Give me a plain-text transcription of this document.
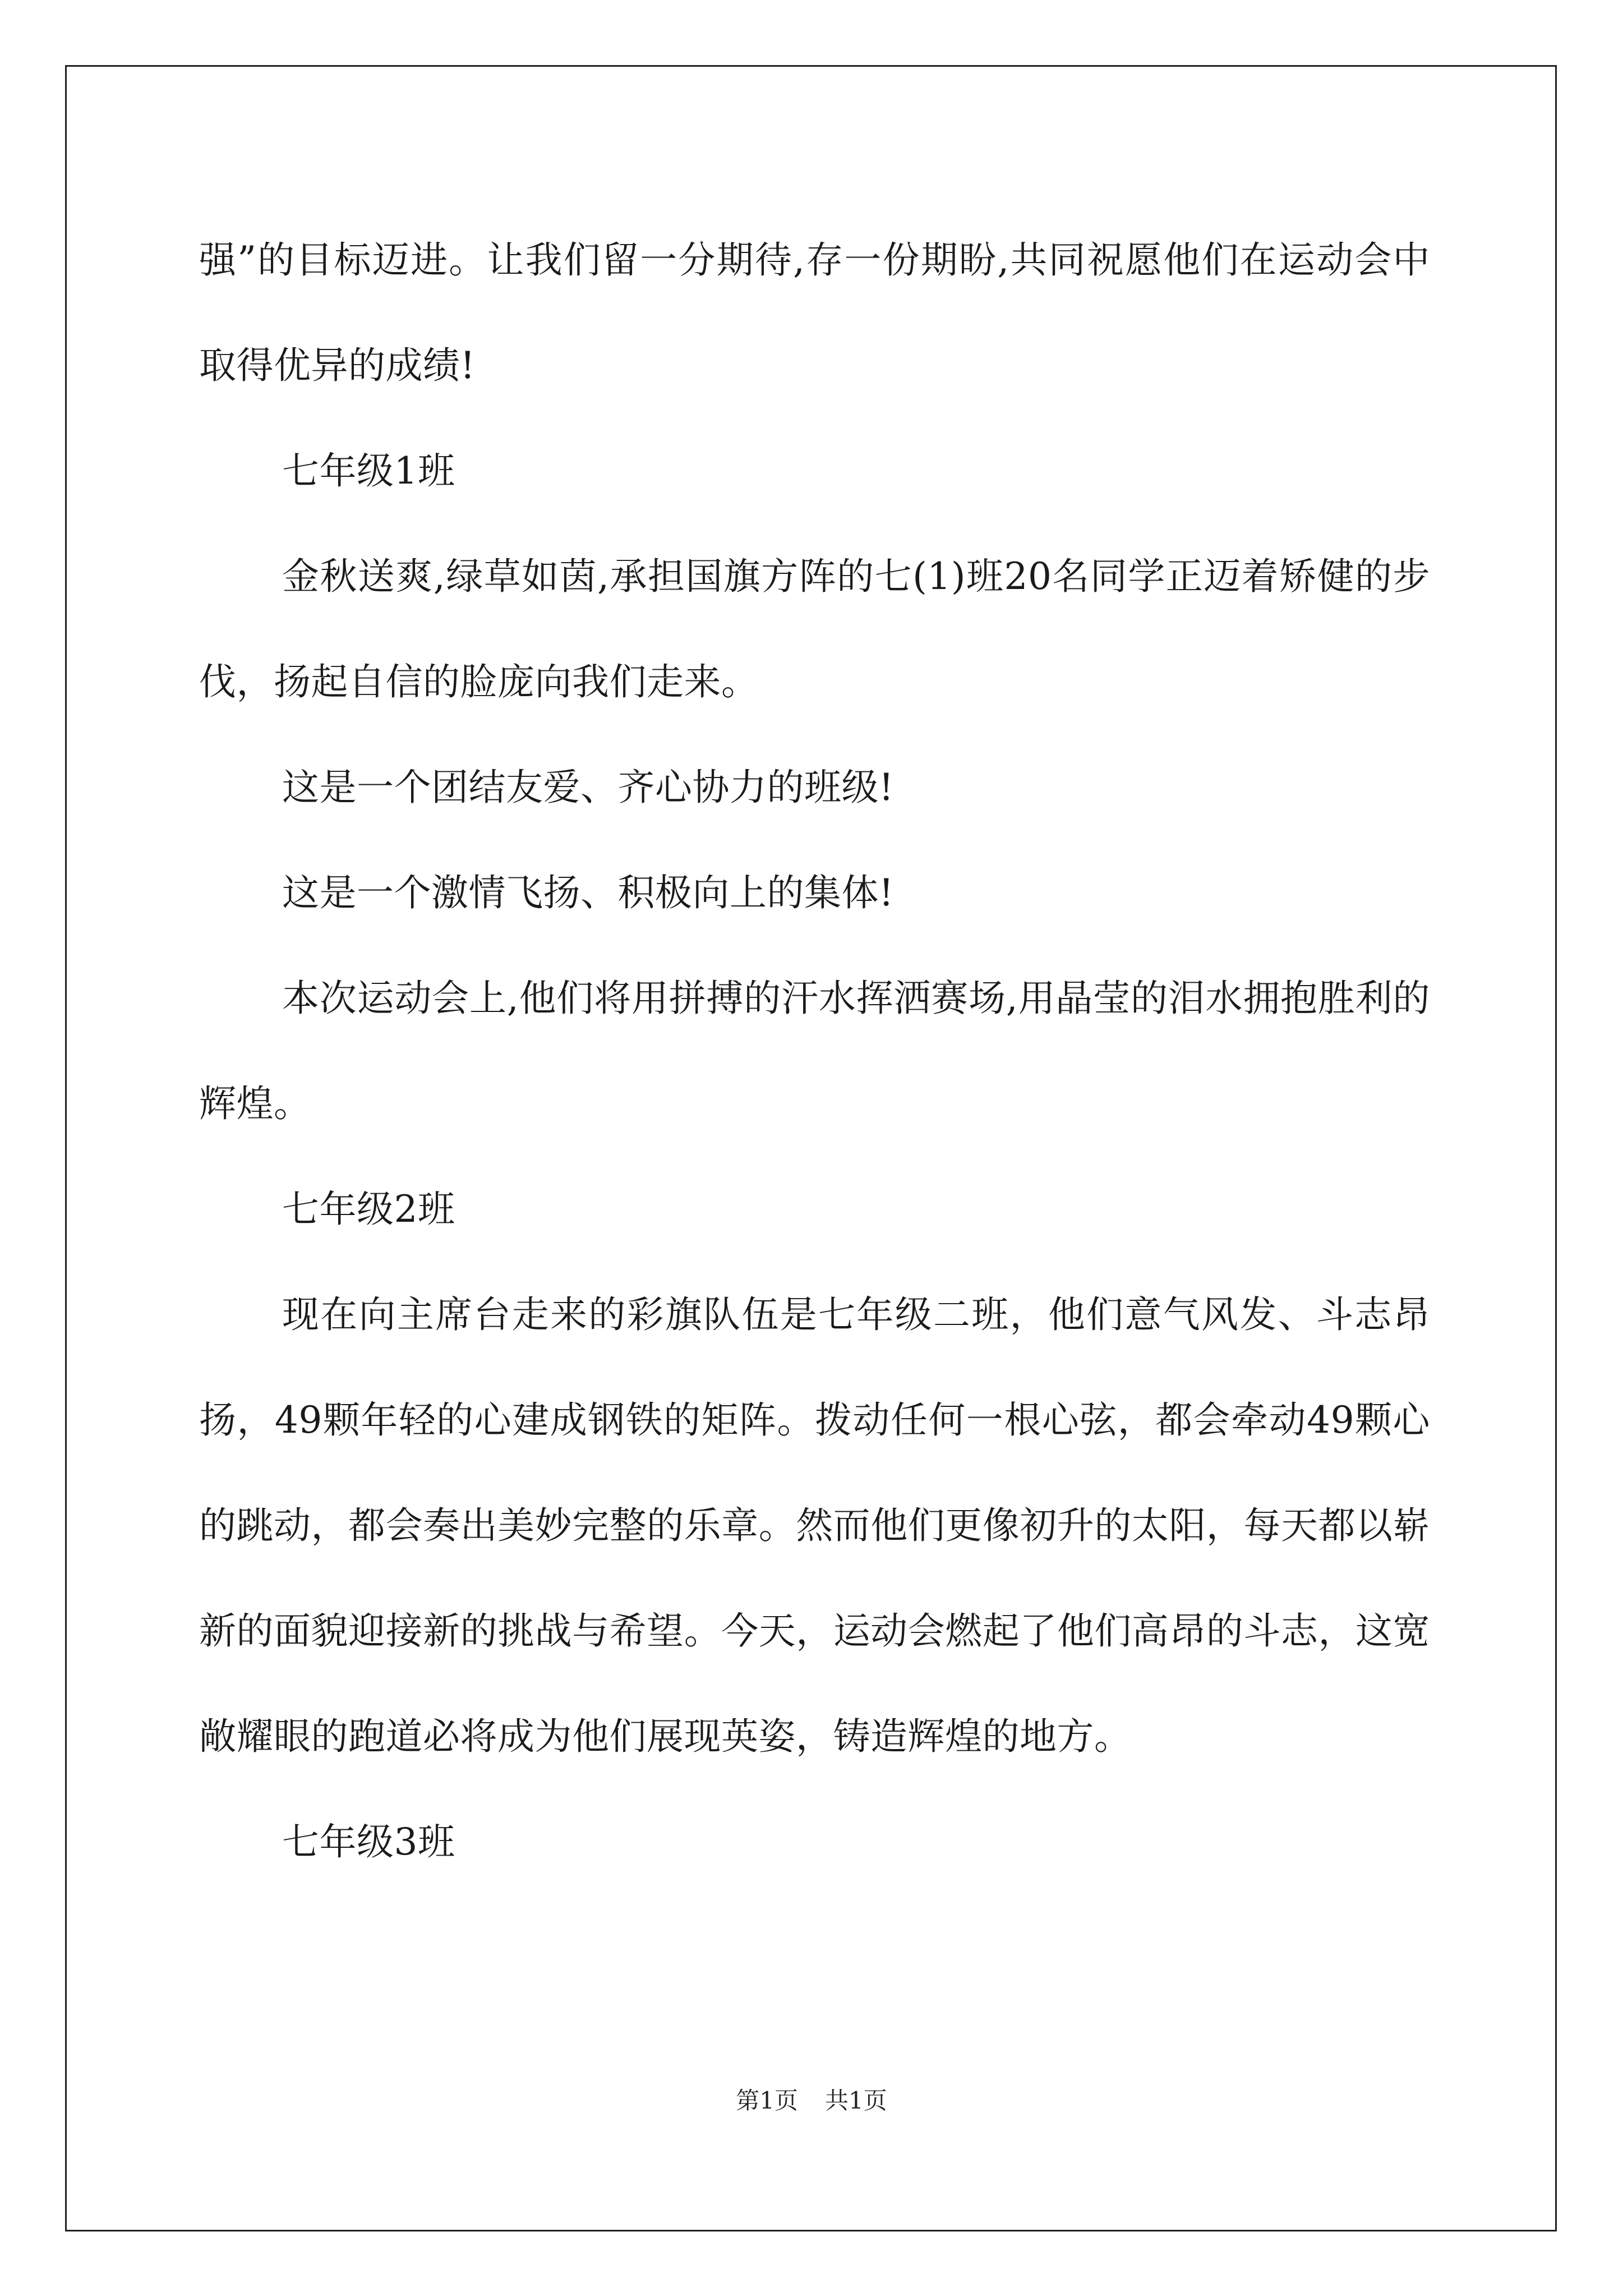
强”的目标迈进。让我们留一分期待,存一份期盼,共同祝愿他们在运动会中取得优异的成绩!

七年级1班

金秋送爽,绿草如茵,承担国旗方阵的七(1)班20名同学正迈着矫健的步伐，扬起自信的脸庞向我们走来。

这是一个团结友爱、齐心协力的班级!

这是一个激情飞扬、积极向上的集体!

本次运动会上,他们将用拼搏的汗水挥洒赛场,用晶莹的泪水拥抱胜利的辉煌。

七年级2班

现在向主席台走来的彩旗队伍是七年级二班，他们意气风发、斗志昂扬，49颗年轻的心建成钢铁的矩阵。拨动任何一根心弦，都会牵动49颗心的跳动，都会奏出美妙完整的乐章。然而他们更像初升的太阳，每天都以崭新的面貌迎接新的挑战与希望。今天，运动会燃起了他们高昂的斗志，这宽敞耀眼的跑道必将成为他们展现英姿，铸造辉煌的地方。

七年级3班

第1页 共1页
